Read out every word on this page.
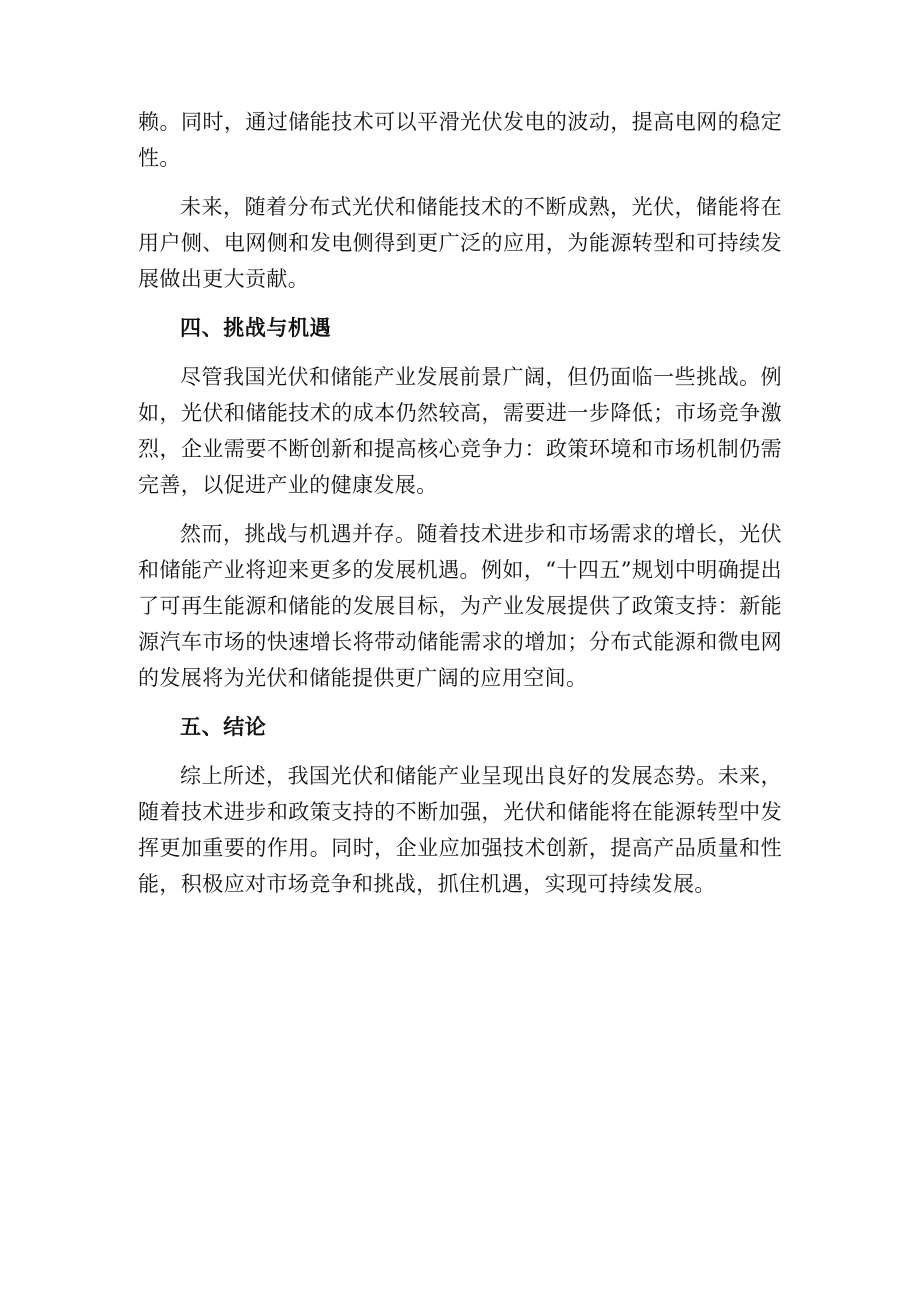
赖。同时，通过储能技术可以平滑光伏发电的波动，提高电网的稳定性。

未来，随着分布式光伏和储能技术的不断成熟，光伏，储能将在用户侧、电网侧和发电侧得到更广泛的应用，为能源转型和可持续发展做出更大贡献。

四、挑战与机遇

尽管我国光伏和储能产业发展前景广阔，但仍面临一些挑战。例如，光伏和储能技术的成本仍然较高，需要进一步降低；市场竞争激烈，企业需要不断创新和提高核心竞争力：政策环境和市场机制仍需完善，以促进产业的健康发展。

然而，挑战与机遇并存。随着技术进步和市场需求的增长，光伏和储能产业将迎来更多的发展机遇。例如，“十四五”规划中明确提出了可再生能源和储能的发展目标，为产业发展提供了政策支持：新能源汽车市场的快速增长将带动储能需求的增加；分布式能源和微电网的发展将为光伏和储能提供更广阔的应用空间。

五、结论

综上所述，我国光伏和储能产业呈现出良好的发展态势。未来，随着技术进步和政策支持的不断加强，光伏和储能将在能源转型中发挥更加重要的作用。同时，企业应加强技术创新，提高产品质量和性能，积极应对市场竞争和挑战，抓住机遇，实现可持续发展。
